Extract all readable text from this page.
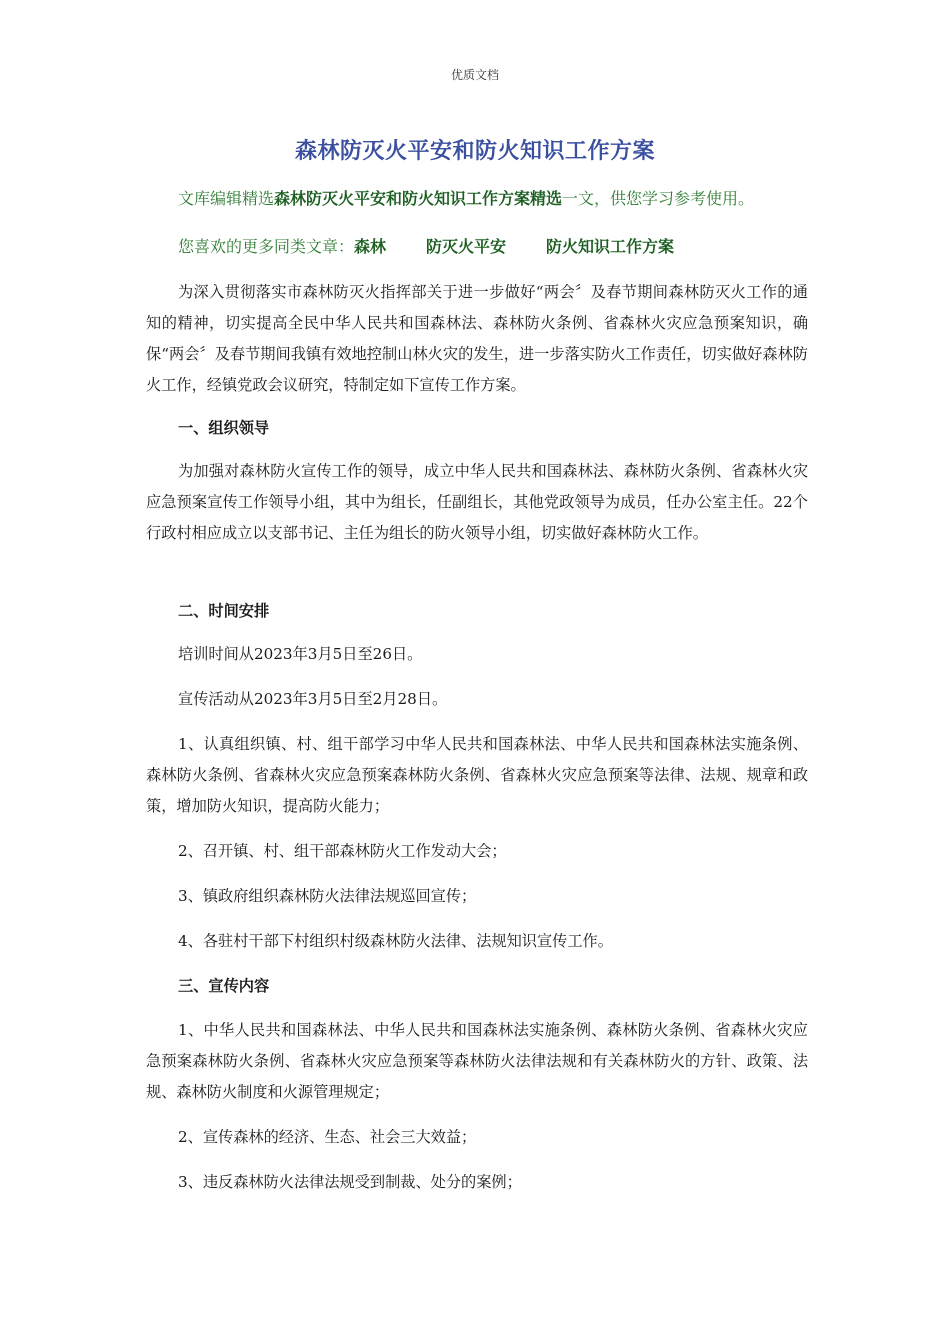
优质文档
森林防灭火平安和防火知识工作方案
文库编辑精选森林防灭火平安和防火知识工作方案精选一文，供您学习参考使用。
您喜欢的更多同类文章：森林	防灭火平安	防火知识工作方案
为深入贯彻落实市森林防灭火指挥部关于进一步做好“两会〞及春节期间森林防灭火工作的通知的精神，切实提高全民中华人民共和国森林法、森林防火条例、省森林火灾应急预案知识，确保“两会〞及春节期间我镇有效地控制山林火灾的发生，进一步落实防火工作责任，切实做好森林防火工作，经镇党政会议研究，特制定如下宣传工作方案。
一、组织领导
为加强对森林防火宣传工作的领导，成立中华人民共和国森林法、森林防火条例、省森林火灾应急预案宣传工作领导小组，其中为组长，任副组长，其他党政领导为成员，任办公室主任。22个行政村相应成立以支部书记、主任为组长的防火领导小组，切实做好森林防火工作。
二、时间安排
培训时间从2023年3月5日至26日。
宣传活动从2023年3月5日至2月28日。
1、认真组织镇、村、组干部学习中华人民共和国森林法、中华人民共和国森林法实施条例、森林防火条例、省森林火灾应急预案森林防火条例、省森林火灾应急预案等法律、法规、规章和政策，增加防火知识，提高防火能力；
2、召开镇、村、组干部森林防火工作发动大会；
3、镇政府组织森林防火法律法规巡回宣传；
4、各驻村干部下村组织村级森林防火法律、法规知识宣传工作。
三、宣传内容
1、中华人民共和国森林法、中华人民共和国森林法实施条例、森林防火条例、省森林火灾应急预案森林防火条例、省森林火灾应急预案等森林防火法律法规和有关森林防火的方针、政策、法规、森林防火制度和火源管理规定；
2、宣传森林的经济、生态、社会三大效益；
3、违反森林防火法律法规受到制裁、处分的案例；
